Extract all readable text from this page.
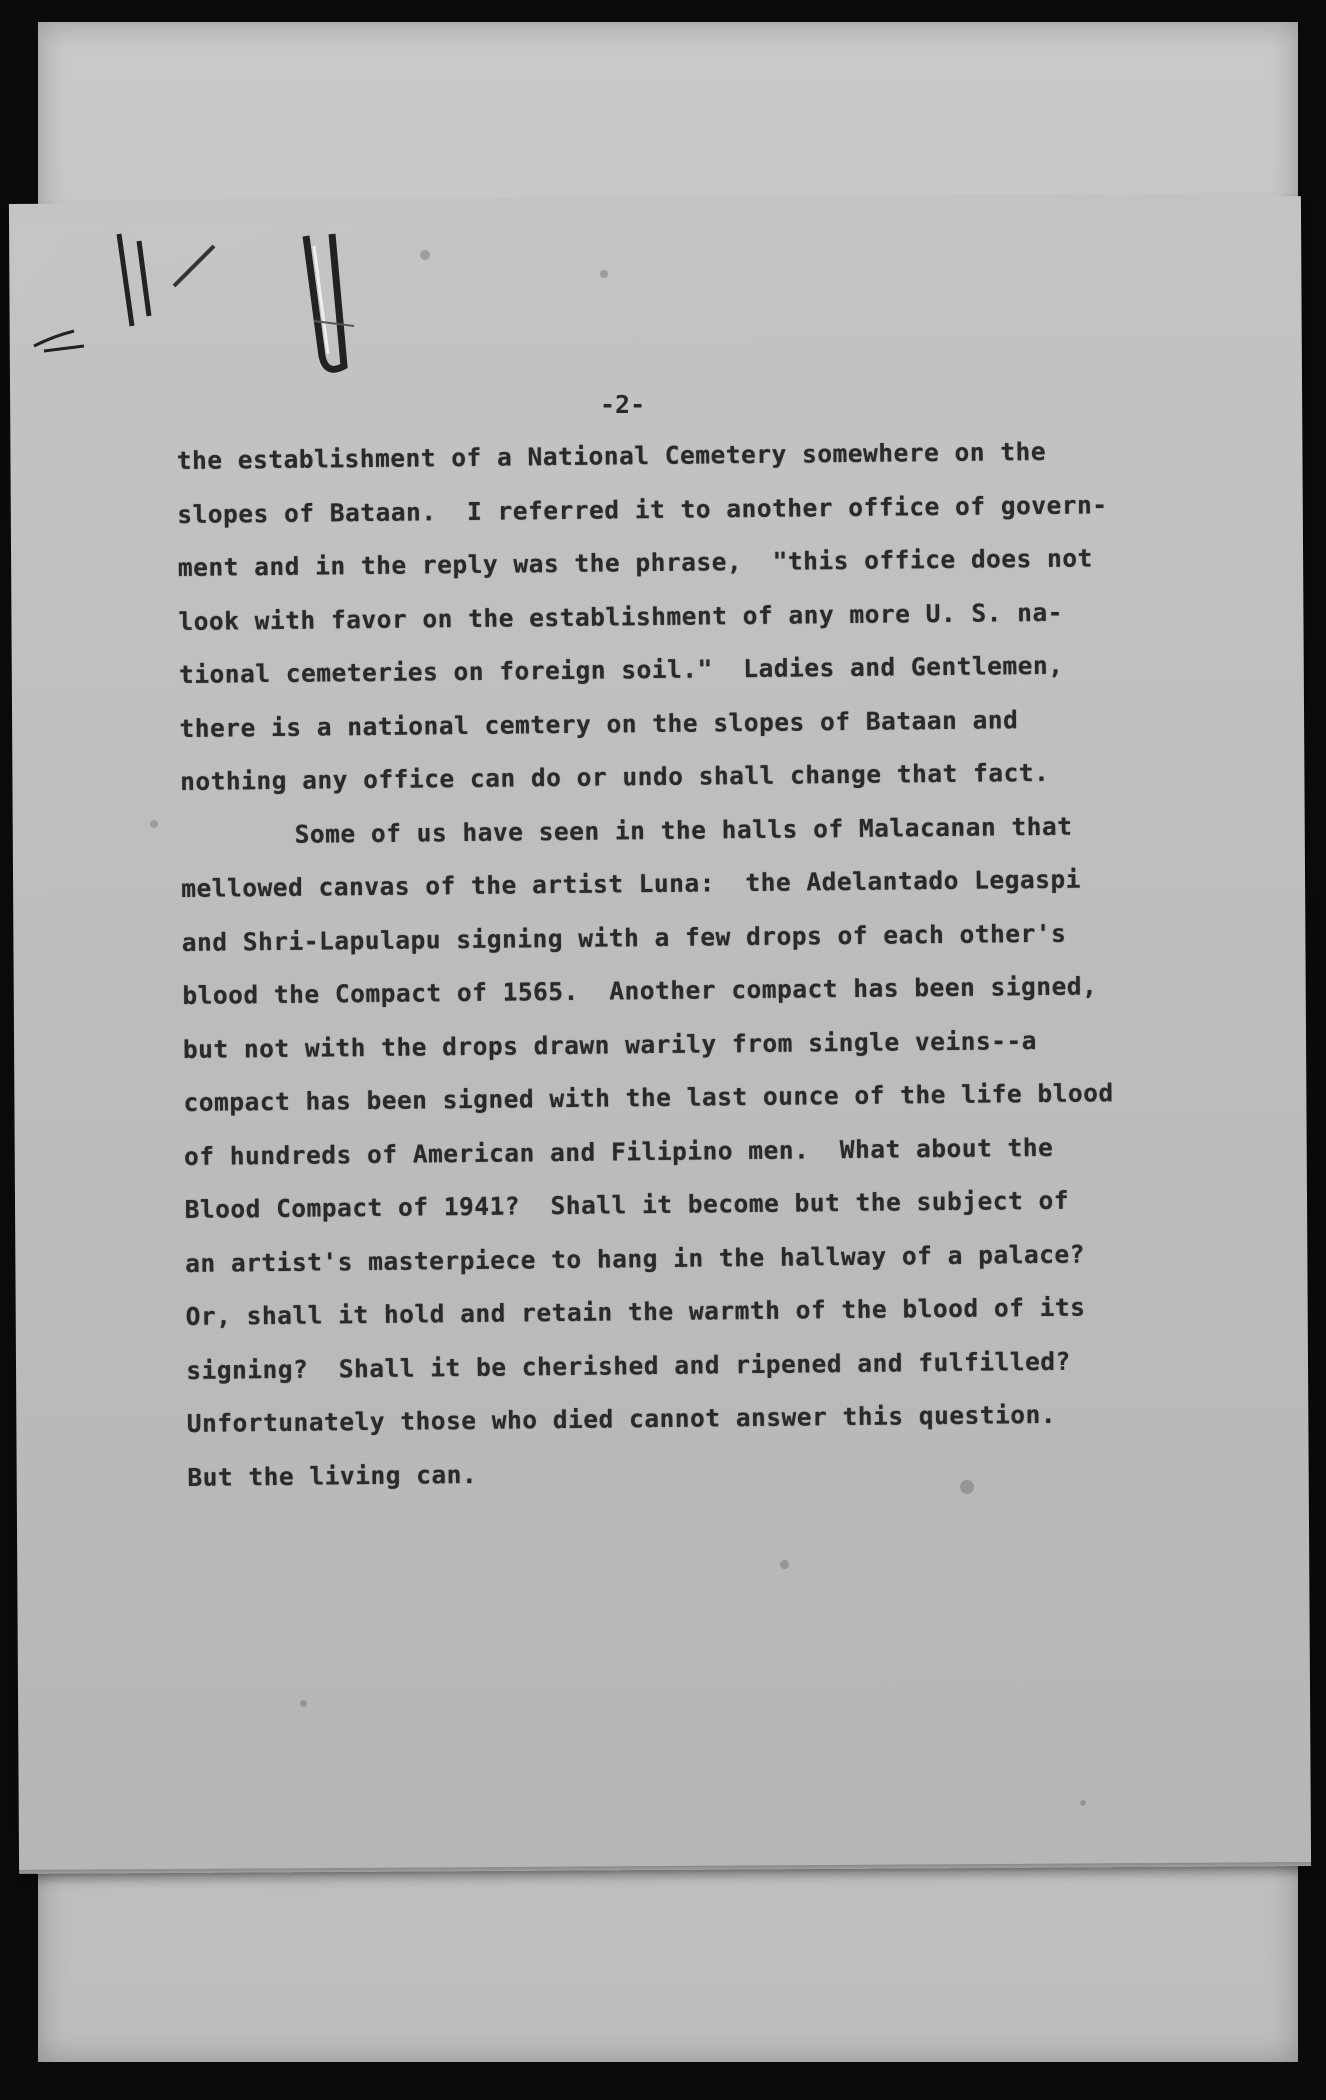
-2-
the establishment of a National Cemetery somewhere on the
slopes of Bataan.  I referred it to another office of govern-
ment and in the reply was the phrase,  "this office does not
look with favor on the establishment of any more U. S. na-
tional cemeteries on foreign soil."  Ladies and Gentlemen,
there is a national cemtery on the slopes of Bataan and
nothing any office can do or undo shall change that fact.
Some of us have seen in the halls of Malacanan that
mellowed canvas of the artist Luna:  the Adelantado Legaspi
and Shri-Lapulapu signing with a few drops of each other's
blood the Compact of 1565.  Another compact has been signed,
but not with the drops drawn warily from single veins--a
compact has been signed with the last ounce of the life blood
of hundreds of American and Filipino men.  What about the
Blood Compact of 1941?  Shall it become but the subject of
an artist's masterpiece to hang in the hallway of a palace?
Or, shall it hold and retain the warmth of the blood of its
signing?  Shall it be cherished and ripened and fulfilled?
Unfortunately those who died cannot answer this question.
But the living can.
